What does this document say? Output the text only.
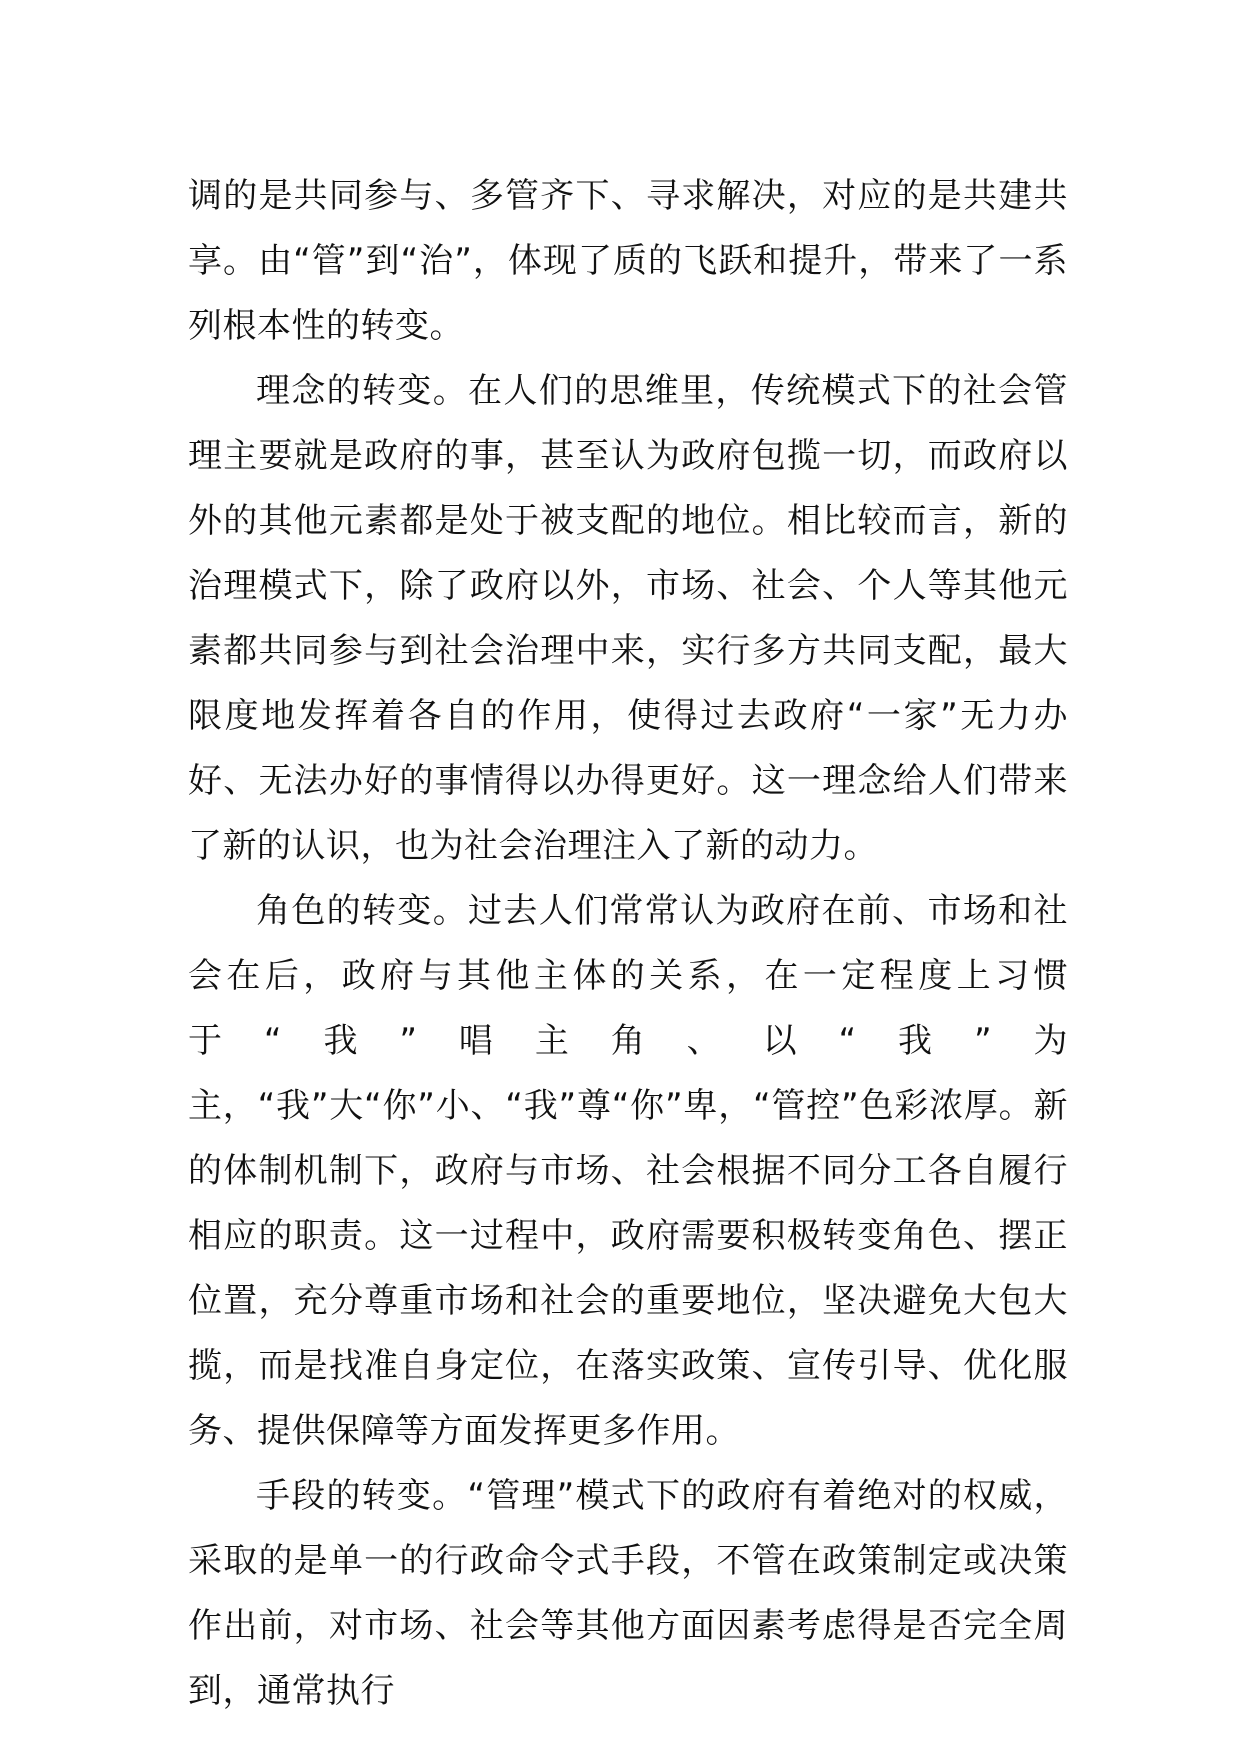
调的是共同参与、多管齐下、寻求解决，对应的是共建共享。由“管”到“治”，体现了质的飞跃和提升，带来了一系列根本性的转变。

理念的转变。在人们的思维里，传统模式下的社会管理主要就是政府的事，甚至认为政府包揽一切，而政府以外的其他元素都是处于被支配的地位。相比较而言，新的治理模式下，除了政府以外，市场、社会、个人等其他元素都共同参与到社会治理中来，实行多方共同支配，最大限度地发挥着各自的作用，使得过去政府“一家”无力办好、无法办好的事情得以办得更好。这一理念给人们带来了新的认识，也为社会治理注入了新的动力。

角色的转变。过去人们常常认为政府在前、市场和社会在后，政府与其他主体的关系，在一定程度上习惯于“我”唱主角、以“我”为主，“我”大“你”小、“我”尊“你”卑，“管控”色彩浓厚。新的体制机制下，政府与市场、社会根据不同分工各自履行相应的职责。这一过程中，政府需要积极转变角色、摆正位置，充分尊重市场和社会的重要地位，坚决避免大包大揽，而是找准自身定位，在落实政策、宣传引导、优化服务、提供保障等方面发挥更多作用。

手段的转变。“管理”模式下的政府有着绝对的权威，采取的是单一的行政命令式手段，不管在政策制定或决策作出前，对市场、社会等其他方面因素考虑得是否完全周到，通常执行
